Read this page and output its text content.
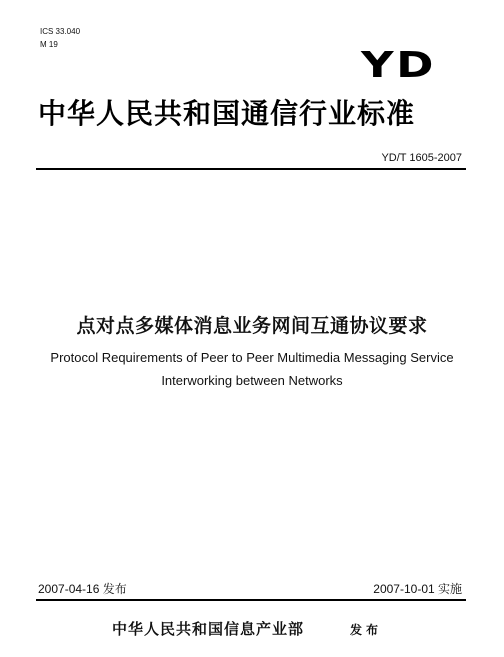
ICS 33.040
M 19
YD
中华人民共和国通信行业标准
YD/T 1605-2007
点对点多媒体消息业务网间互通协议要求
Protocol Requirements of Peer to Peer Multimedia Messaging Service
Interworking between Networks
2007-04-16 发布	2007-10-01 实施
中华人民共和国信息产业部	发布
